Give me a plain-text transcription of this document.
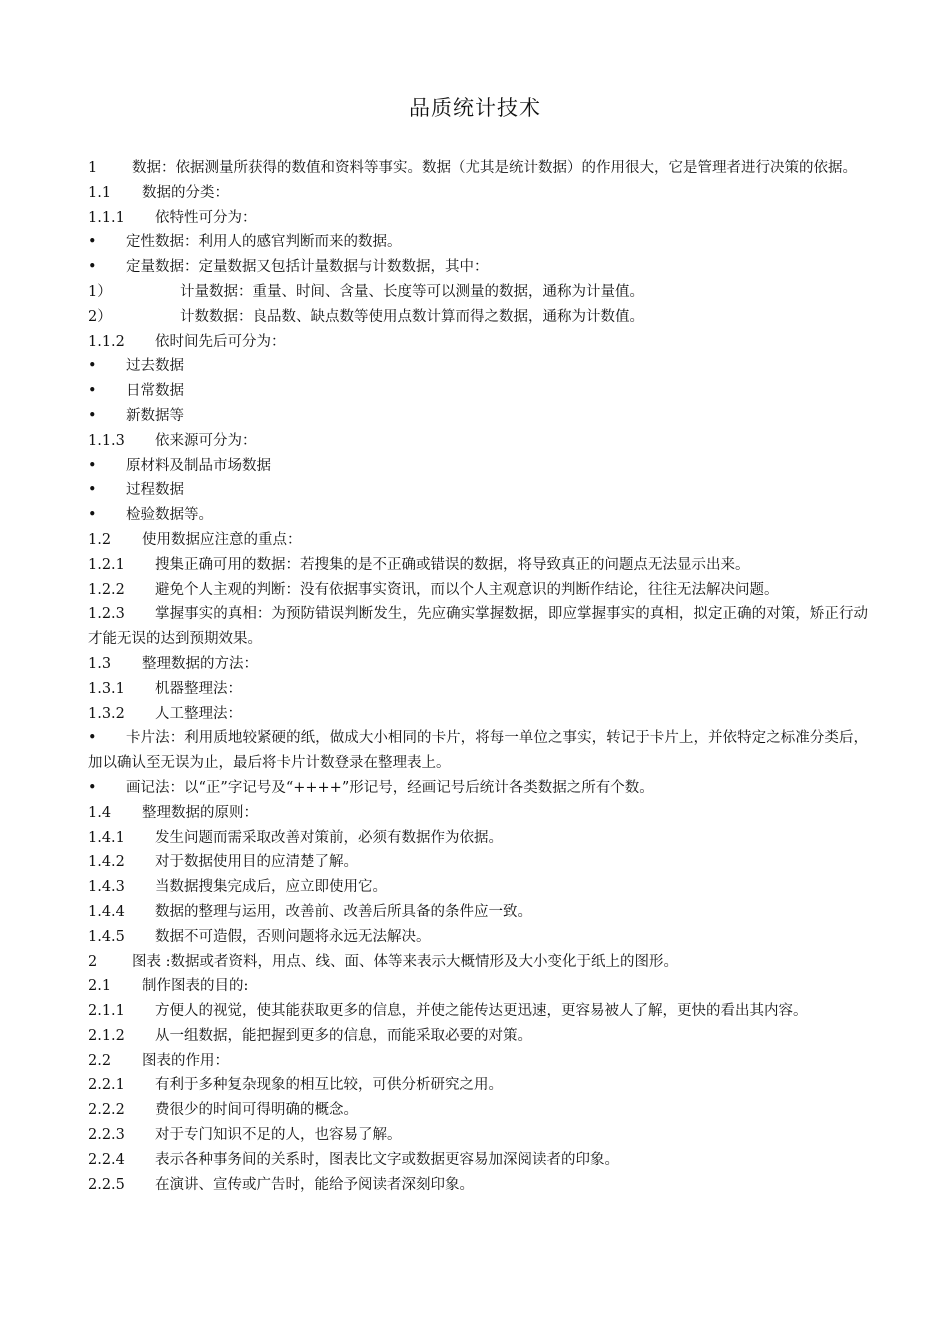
品质统计技术
1 数据：依据测量所获得的数值和资料等事实。数据（尤其是统计数据）的作用很大，它是管理者进行决策的依据。
1.1 数据的分类：
1.1.1 依特性可分为：
• 定性数据：利用人的感官判断而来的数据。
• 定量数据：定量数据又包括计量数据与计数数据，其中：
1）	计量数据：重量、时间、含量、长度等可以测量的数据，通称为计量值。
2）	计数数据：良品数、缺点数等使用点数计算而得之数据，通称为计数值。
1.1.2 依时间先后可分为：
• 过去数据
• 日常数据
• 新数据等
1.1.3 依来源可分为：
• 原材料及制品市场数据
• 过程数据
• 检验数据等。
1.2 使用数据应注意的重点：
1.2.1 搜集正确可用的数据：若搜集的是不正确或错误的数据，将导致真正的问题点无法显示出来。
1.2.2 避免个人主观的判断：没有依据事实资讯，而以个人主观意识的判断作结论，往往无法解决问题。
1.2.3 掌握事实的真相：为预防错误判断发生，先应确实掌握数据，即应掌握事实的真相，拟定正确的对策，矫正行动才能无误的达到预期效果。
1.3 整理数据的方法：
1.3.1 机器整理法：
1.3.2 人工整理法：
• 卡片法：利用质地较紧硬的纸，做成大小相同的卡片，将每一单位之事实，转记于卡片上，并依特定之标准分类后，加以确认至无误为止，最后将卡片计数登录在整理表上。
• 画记法：以“正”字记号及“++++”形记号，经画记号后统计各类数据之所有个数。
1.4 整理数据的原则：
1.4.1 发生问题而需采取改善对策前，必须有数据作为依据。
1.4.2 对于数据使用目的应清楚了解。
1.4.3 当数据搜集完成后，应立即使用它。
1.4.4 数据的整理与运用，改善前、改善后所具备的条件应一致。
1.4.5 数据不可造假，否则问题将永远无法解决。
2 图表 :数据或者资料，用点、线、面、体等来表示大概情形及大小变化于纸上的图形。
2.1 制作图表的目的:
2.1.1 方便人的视觉，使其能获取更多的信息，并使之能传达更迅速，更容易被人了解，更快的看出其内容。
2.1.2 从一组数据，能把握到更多的信息，而能采取必要的对策。
2.2 图表的作用：
2.2.1 有利于多种复杂现象的相互比较，可供分析研究之用。
2.2.2 费很少的时间可得明确的概念。
2.2.3 对于专门知识不足的人，也容易了解。
2.2.4 表示各种事务间的关系时，图表比文字或数据更容易加深阅读者的印象。
2.2.5 在演讲、宣传或广告时，能给予阅读者深刻印象。
